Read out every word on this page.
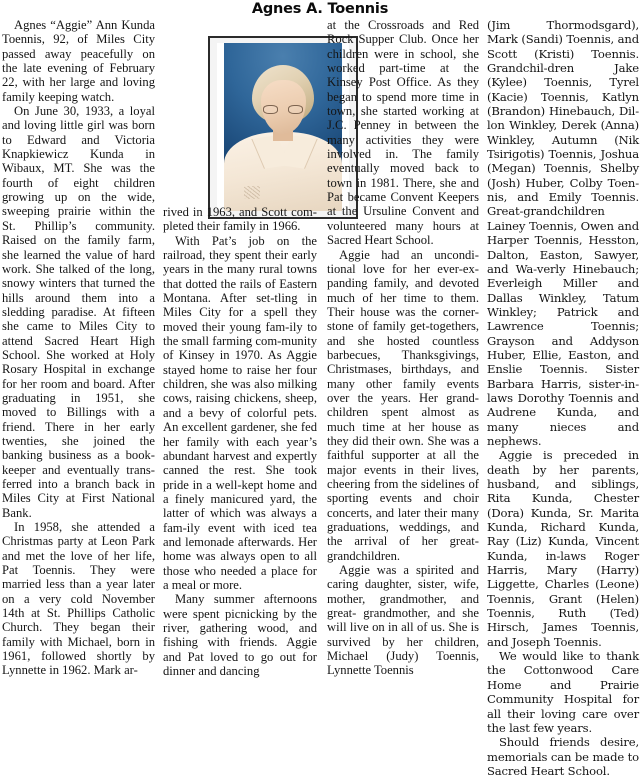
Agnes A. Toennis

Agnes “Aggie” Ann Kunda Toennis, 92, of Miles City passed away peacefully on the late evening of February 22, with her large and loving family keeping watch.

On June 30, 1933, a loyal and loving little girl was born to Edward and Victoria Knapkiewicz Kunda in Wibaux, MT. She was the fourth of eight children growing up on the wide, sweeping prairie within the St. Phillip’s community. Raised on the family farm, she learned the value of hard work. She talked of the long, snowy winters that turned the hills around them into a sledding paradise. At fifteen she came to Miles City to attend Sacred Heart High School. She worked at Holy Rosary Hospital in exchange for her room and board. After graduating in 1951, she moved to Billings with a friend. There in her early twenties, she joined the banking business as a book-keeper and eventually trans-ferred into a branch back in Miles City at First National Bank.

In 1958, she attended a Christmas party at Leon Park and met the love of her life, Pat Toennis. They were married less than a year later on a very cold November 14th at St. Phillips Catholic Church. They began their family with Michael, born in 1961, followed shortly by Lynnette in 1962. Mark ar-

rived in 1963, and Scott com-pleted their family in 1966.

With Pat’s job on the railroad, they spent their early years in the many rural towns that dotted the rails of Eastern Montana. After set-tling in Miles City for a spell they moved their young fam-ily to the small farming com-munity of Kinsey in 1970. As Aggie stayed home to raise her four children, she was also milking cows, raising chickens, sheep, and a bevy of colorful pets. An excellent gardener, she fed her family with each year’s abundant harvest and expertly canned the rest. She took pride in a well-kept home and a finely manicured yard, the latter of which was always a fam-ily event with iced tea and lemonade afterwards. Her home was always open to all those who needed a place for a meal or more.

Many summer afternoons were spent picnicking by the river, gathering wood, and fishing with friends. Aggie and Pat loved to go out for dinner and dancing

at the Crossroads and Red Rock Supper Club. Once her children were in school, she worked part-time at the Kinsey Post Office. As they began to spend more time in town, she started working at J.C. Penney in between the many activities they were involved in. The family eventually moved back to town in 1981. There, she and Pat became Convent Keepers at the Ursuline Convent and volunteered many hours at Sacred Heart School.

Aggie had an uncondi-tional love for her ever-ex-panding family, and devoted much of her time to them. Their house was the corner-stone of family get-togethers, and she hosted countless barbecues, Thanksgivings, Christmases, birthdays, and many other family events over the years. Her grand-children spent almost as much time at her house as they did their own. She was a faithful supporter at all the major events in their lives, cheering from the sidelines of sporting events and choir concerts, and later their many graduations, weddings, and the arrival of her great-grandchildren.

Aggie was a spirited and caring daughter, sister, wife, mother, grandmother, and great- grandmother, and she will live on in all of us. She is survived by her children, Michael (Judy) Toennis, Lynnette Toennis

(Jim Thormodsgard), Mark (Sandi) Toennis, and Scott (Kristi) Toennis. Grandchil-dren Jake (Kylee) Toennis, Tyrel (Kacie) Toennis, Katlyn (Brandon) Hinebauch, Dil-lon Winkley, Derek (Anna) Winkley, Autumn (Nik Tsirigotis) Toennis, Joshua (Megan) Toennis, Shelby (Josh) Huber, Colby Toen-nis, and Emily Toennis. Great-grandchildren Lainey Toennis, Owen and Harper Toennis, Hesston, Dalton, Easton, Sawyer, and Wa-verly Hinebauch; Everleigh Miller and Dallas Winkley, Tatum Winkley; Patrick and Lawrence Toennis; Grayson and Addyson Huber, Ellie, Easton, and Enslie Toennis. Sister Barbara Harris, sister-in-laws Dorothy Toennis and Audrene Kunda, and many nieces and nephews.

Aggie is preceded in death by her parents, husband, and siblings, Rita Kunda, Chester (Dora) Kunda, Sr. Marita Kunda, Richard Kunda, Ray (Liz) Kunda, Vincent Kunda, in-laws Roger Harris, Mary (Harry) Liggette, Charles (Leone) Toennis, Grant (Helen) Toennis, Ruth (Ted) Hirsch, James Toennis, and Joseph Toennis.

We would like to thank the Cottonwood Care Home and Prairie Community Hospital for all their loving care over the last few years.

Should friends desire, memorials can be made to Sacred Heart School.
